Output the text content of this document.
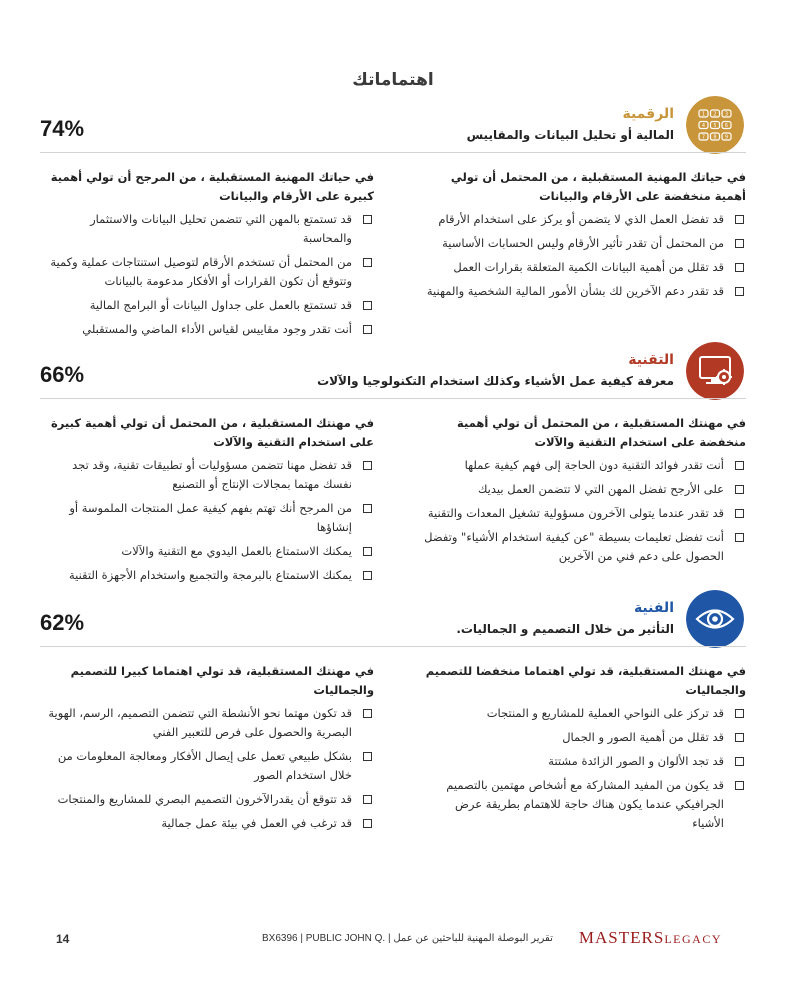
اهتماماتك
1 2 3
4 5 6
7 8 9
الرقمية
المالية أو تحليل البيانات والمقاييس
74%
في حياتك المهنية المستقبلية ، من المحتمل أن تولي أهمية منخفضة على الأرقام والبيانات
قد تفضل العمل الذي لا يتضمن أو يركز على استخدام الأرقام
من المحتمل أن تقدر تأثير الأرقام وليس الحسابات الأساسية
قد تقلل من أهمية البيانات الكمية المتعلقة بقرارات العمل
قد تقدر دعم الآخرين لك بشأن الأمور المالية الشخصية والمهنية
في حياتك المهنية المستقبلية ، من المرجح أن تولي أهمية كبيرة على الأرقام والبيانات
قد تستمتع بالمهن التي تتضمن تحليل البيانات والاستثمار والمحاسبة
من المحتمل أن تستخدم الأرقام لتوصيل استنتاجات عملية وكمية وتتوقع أن تكون القرارات أو الأفكار مدعومة بالبيانات
قد تستمتع بالعمل على جداول البيانات أو البرامج المالية
أنت تقدر وجود مقاييس لقياس الأداء الماضي والمستقبلي
التقنية
معرفة كيفية عمل الأشياء وكذلك استخدام التكنولوجيا والآلات
66%
في مهنتك المستقبلية ، من المحتمل أن تولي أهمية منخفضة على استخدام التقنية والآلات
أنت تقدر فوائد التقنية دون الحاجة إلى فهم كيفية عملها
على الأرجح تفضل المهن التي لا تتضمن العمل بيديك
قد تقدر عندما يتولى الآخرون مسؤولية تشغيل المعدات والتقنية
أنت تفضل تعليمات بسيطة "عن كيفية استخدام الأشياء" وتفضل الحصول على دعم فني من الآخرين
في مهنتك المستقبلية ، من المحتمل أن تولي أهمية كبيرة على استخدام التقنية والآلات
قد تفضل مهنا تتضمن مسؤوليات أو تطبيقات تقنية، وقد تجد نفسك مهتما بمجالات الإنتاج أو التصنيع
من المرجح أنك تهتم بفهم كيفية عمل المنتجات الملموسة أو إنشاؤها
يمكنك الاستمتاع بالعمل اليدوي مع التقنية والآلات
يمكنك الاستمتاع بالبرمجة والتجميع واستخدام الأجهزة التقنية
الفنية
التأثير من خلال التصميم و الجماليات.
62%
في مهنتك المستقبلية، قد تولي اهتماما منخفضا للتصميم والجماليات
قد تركز على النواحي العملية للمشاريع و المنتجات
قد تقلل من أهمية الصور و الجمال
قد تجد الألوان و الصور الزائدة مشتتة
قد يكون من المفيد المشاركة مع أشخاص مهتمين بالتصميم الجرافيكي عندما يكون هناك حاجة للاهتمام بطريقة عرض الأشياء
في مهنتك المستقبلية، قد تولي اهتماما كبيرا للتصميم والجماليات
قد تكون مهتما نحو الأنشطة التي تتضمن التصميم، الرسم، الهوية البصرية والحصول على فرص للتعبير الفني
بشكل طبيعي تعمل على إيصال الأفكار ومعالجة المعلومات من خلال استخدام الصور
قد تتوقع أن يقدرالآخرون التصميم البصري للمشاريع والمنتجات
قد ترغب في العمل في بيئة عمل جمالية
14	BX6396 | PUBLIC JOHN Q. | تقرير البوصلة المهنية للباحثين عن عمل MASTERSLEGACY
